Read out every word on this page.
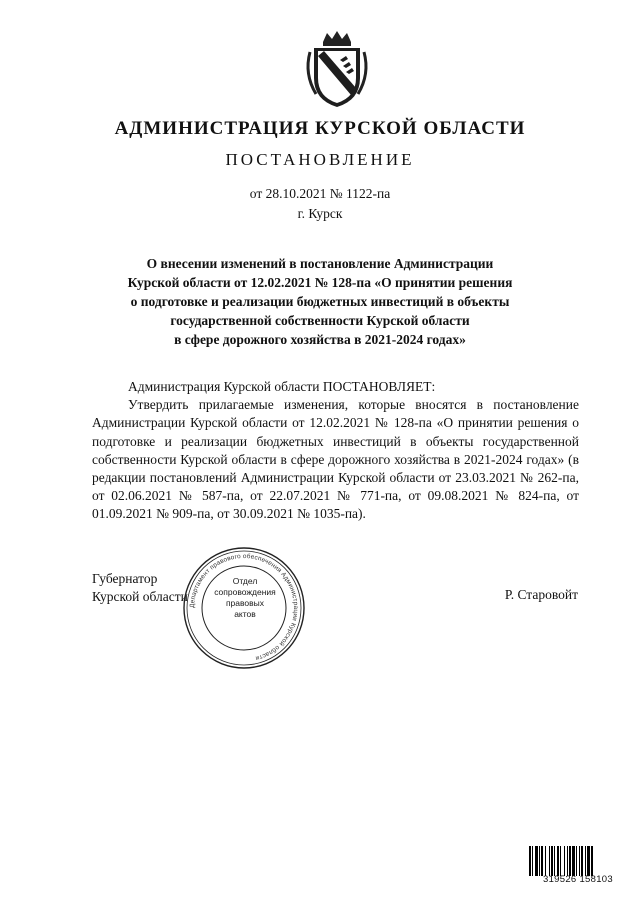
АДМИНИСТРАЦИЯ КУРСКОЙ ОБЛАСТИ
ПОСТАНОВЛЕНИЕ
от 28.10.2021 № 1122-па
г. Курск
О внесении изменений в постановление Администрации
Курской области от 12.02.2021 № 128-па «О принятии решения
о подготовке и реализации бюджетных инвестиций в объекты
государственной собственности Курской области
в сфере дорожного хозяйства в 2021-2024 годах»

Администрация Курской области ПОСТАНОВЛЯЕТ:

Утвердить прилагаемые изменения, которые вносятся в постановление Администрации Курской области от 12.02.2021 № 128-па «О принятии решения о подготовке и реализации бюджетных инвестиций в объекты государственной собственности Курской области в сфере дорожного хозяйства в 2021-2024 годах» (в редакции постановлений Администрации Курской области от 23.03.2021 № 262-па, от 02.06.2021 № 587-па, от 22.07.2021 № 771-па, от 09.08.2021 № 824-па, от 01.09.2021 № 909-па, от 30.09.2021 № 1035-па).

Губернатор
Курской области	Р. Старовойт
Департамент правового обеспечения Администрации Курской области
Отдел
сопровождения
правовых
актов
319526 158103
